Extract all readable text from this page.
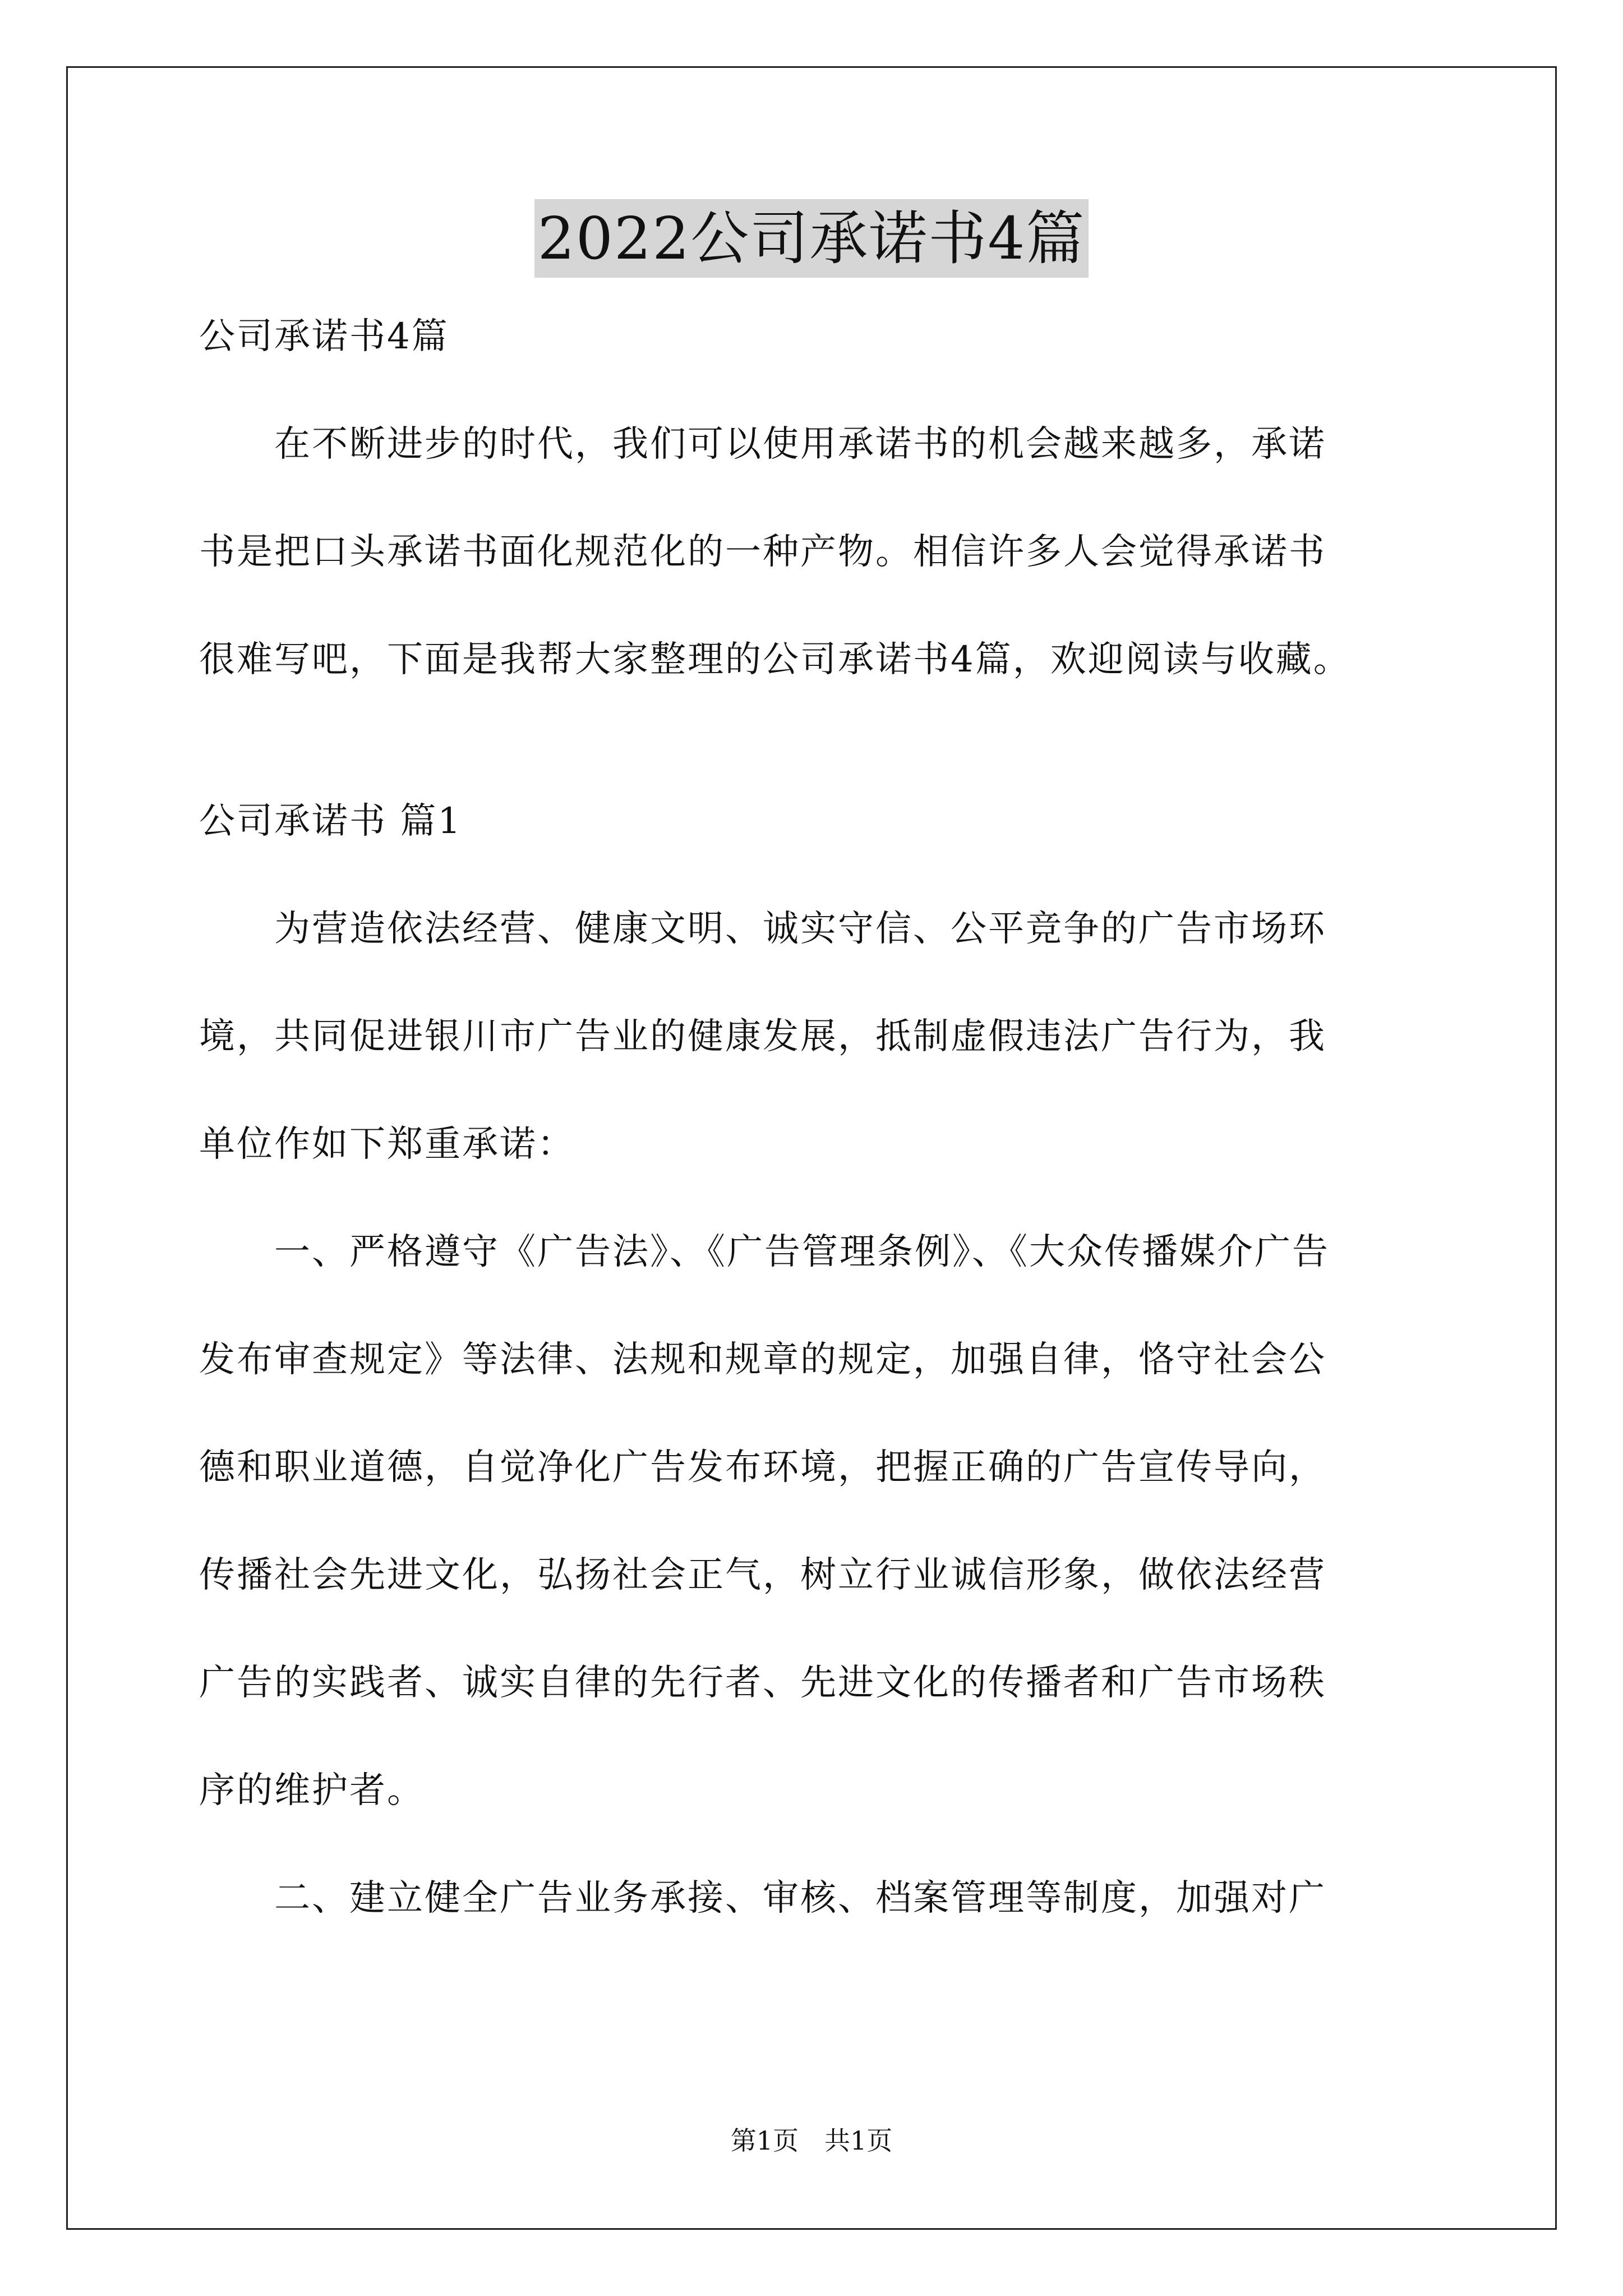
2022公司承诺书4篇
公司承诺书4篇
　　在不断进步的时代，我们可以使用承诺书的机会越来越多，承诺
书是把口头承诺书面化规范化的一种产物。相信许多人会觉得承诺书
很难写吧，下面是我帮大家整理的公司承诺书4篇，欢迎阅读与收藏。
公司承诺书 篇1
　　为营造依法经营、健康文明、诚实守信、公平竞争的广告市场环
境，共同促进银川市广告业的健康发展，抵制虚假违法广告行为，我
单位作如下郑重承诺：
　　一、严格遵守《广告法》、《广告管理条例》、《大众传播媒介广告
发布审查规定》等法律、法规和规章的规定，加强自律，恪守社会公
德和职业道德，自觉净化广告发布环境，把握正确的广告宣传导向，
传播社会先进文化，弘扬社会正气，树立行业诚信形象，做依法经营
广告的实践者、诚实自律的先行者、先进文化的传播者和广告市场秩
序的维护者。
　　二、建立健全广告业务承接、审核、档案管理等制度，加强对广
第1页　共1页
